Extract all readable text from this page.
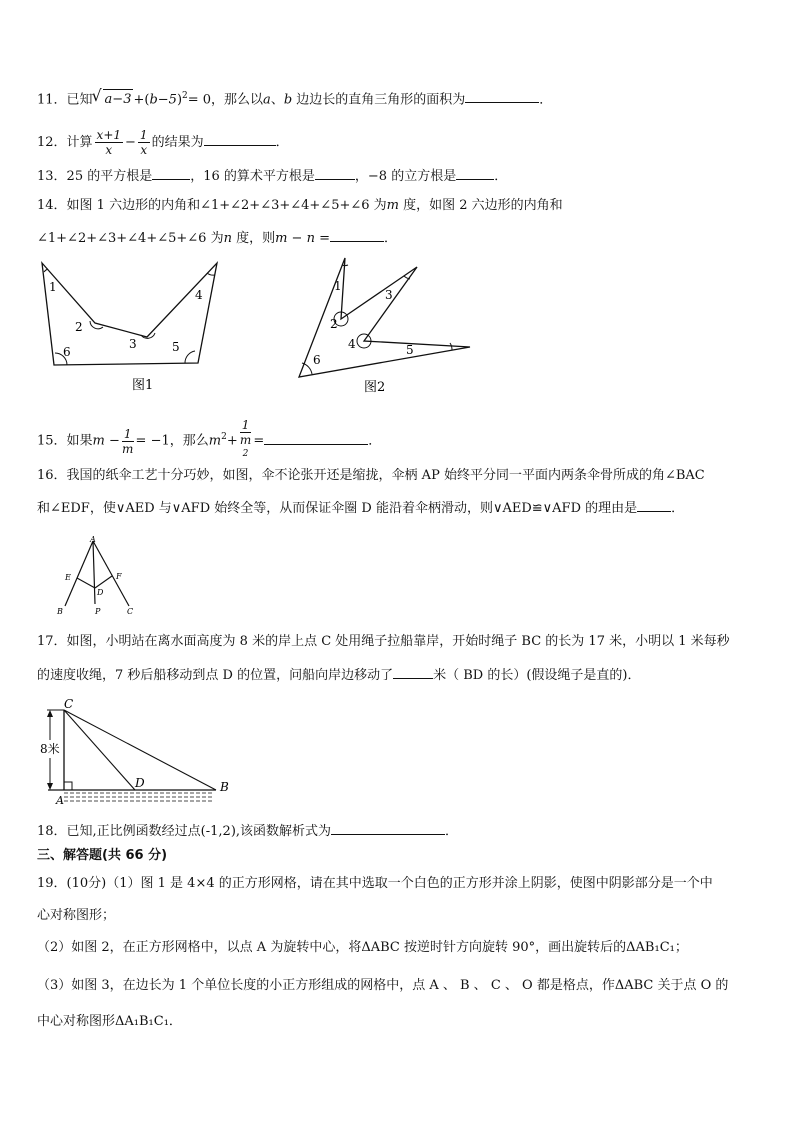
11．已知√ $a-3 +(b-5)^2= 0$，那么以a、b 边边长的直角三角形的面积为	．
12．计算 $\frac{x+1}{x} - \frac{1}{x}$ 的结果为	．
13．25 的平方根是	，16 的算术平方根是	，−8 的立方根是	．
14．如图 1 六边形的内角和∠1+∠2+∠3+∠4+∠5+∠6 为m 度，如图 2 六边形的内角和
∠1+∠2+∠3+∠4+∠5+∠6 为n 度，则m − n =	．
1
2
3
4
5
6
图1
1
2
3
4	5
6
图2
15．如果$m - \frac{1}{m} = -1$，那么$m^2+ 1$
m
$^2$ =	．
16．我国的纸伞工艺十分巧妙，如图，伞不论张开还是缩拢，伞柄 AP 始终平分同一平面内两条伞骨所成的角∠BAC
和∠EDF，使∨AED 与∨AFD 始终全等，从而保证伞圈 D 能沿着伞柄滑动，则∨AED≌∨AFD 的理由是	．
A
E	F
D
B	P	C
17．如图，小明站在离水面高度为 8 米的岸上点 C 处用绳子拉船靠岸，开始时绳子 BC 的长为 17 米，小明以 1 米每秒
的速度收绳，7 秒后船移动到点 D 的位置，问船向岸边移动了	米（ BD 的长）(假设绳子是直的)．
C
8米
D
A
B
18．已知,正比例函数经过点(-1,2),该函数解析式为	．
三、解答题(共 66 分)
19．(10分)（1）图 1 是 4×4 的正方形网格，请在其中选取一个白色的正方形并涂上阴影，使图中阴影部分是一个中
心对称图形；
（2）如图 2，在正方形网格中，以点 A 为旋转中心，将ΔABC 按逆时针方向旋转 90°，画出旋转后的ΔAB₁C₁；
（3）如图 3，在边长为 1 个单位长度的小正方形组成的网格中，点 A 、 B 、 C 、 O 都是格点，作ΔABC 关于点 O 的
中心对称图形ΔA₁B₁C₁．
